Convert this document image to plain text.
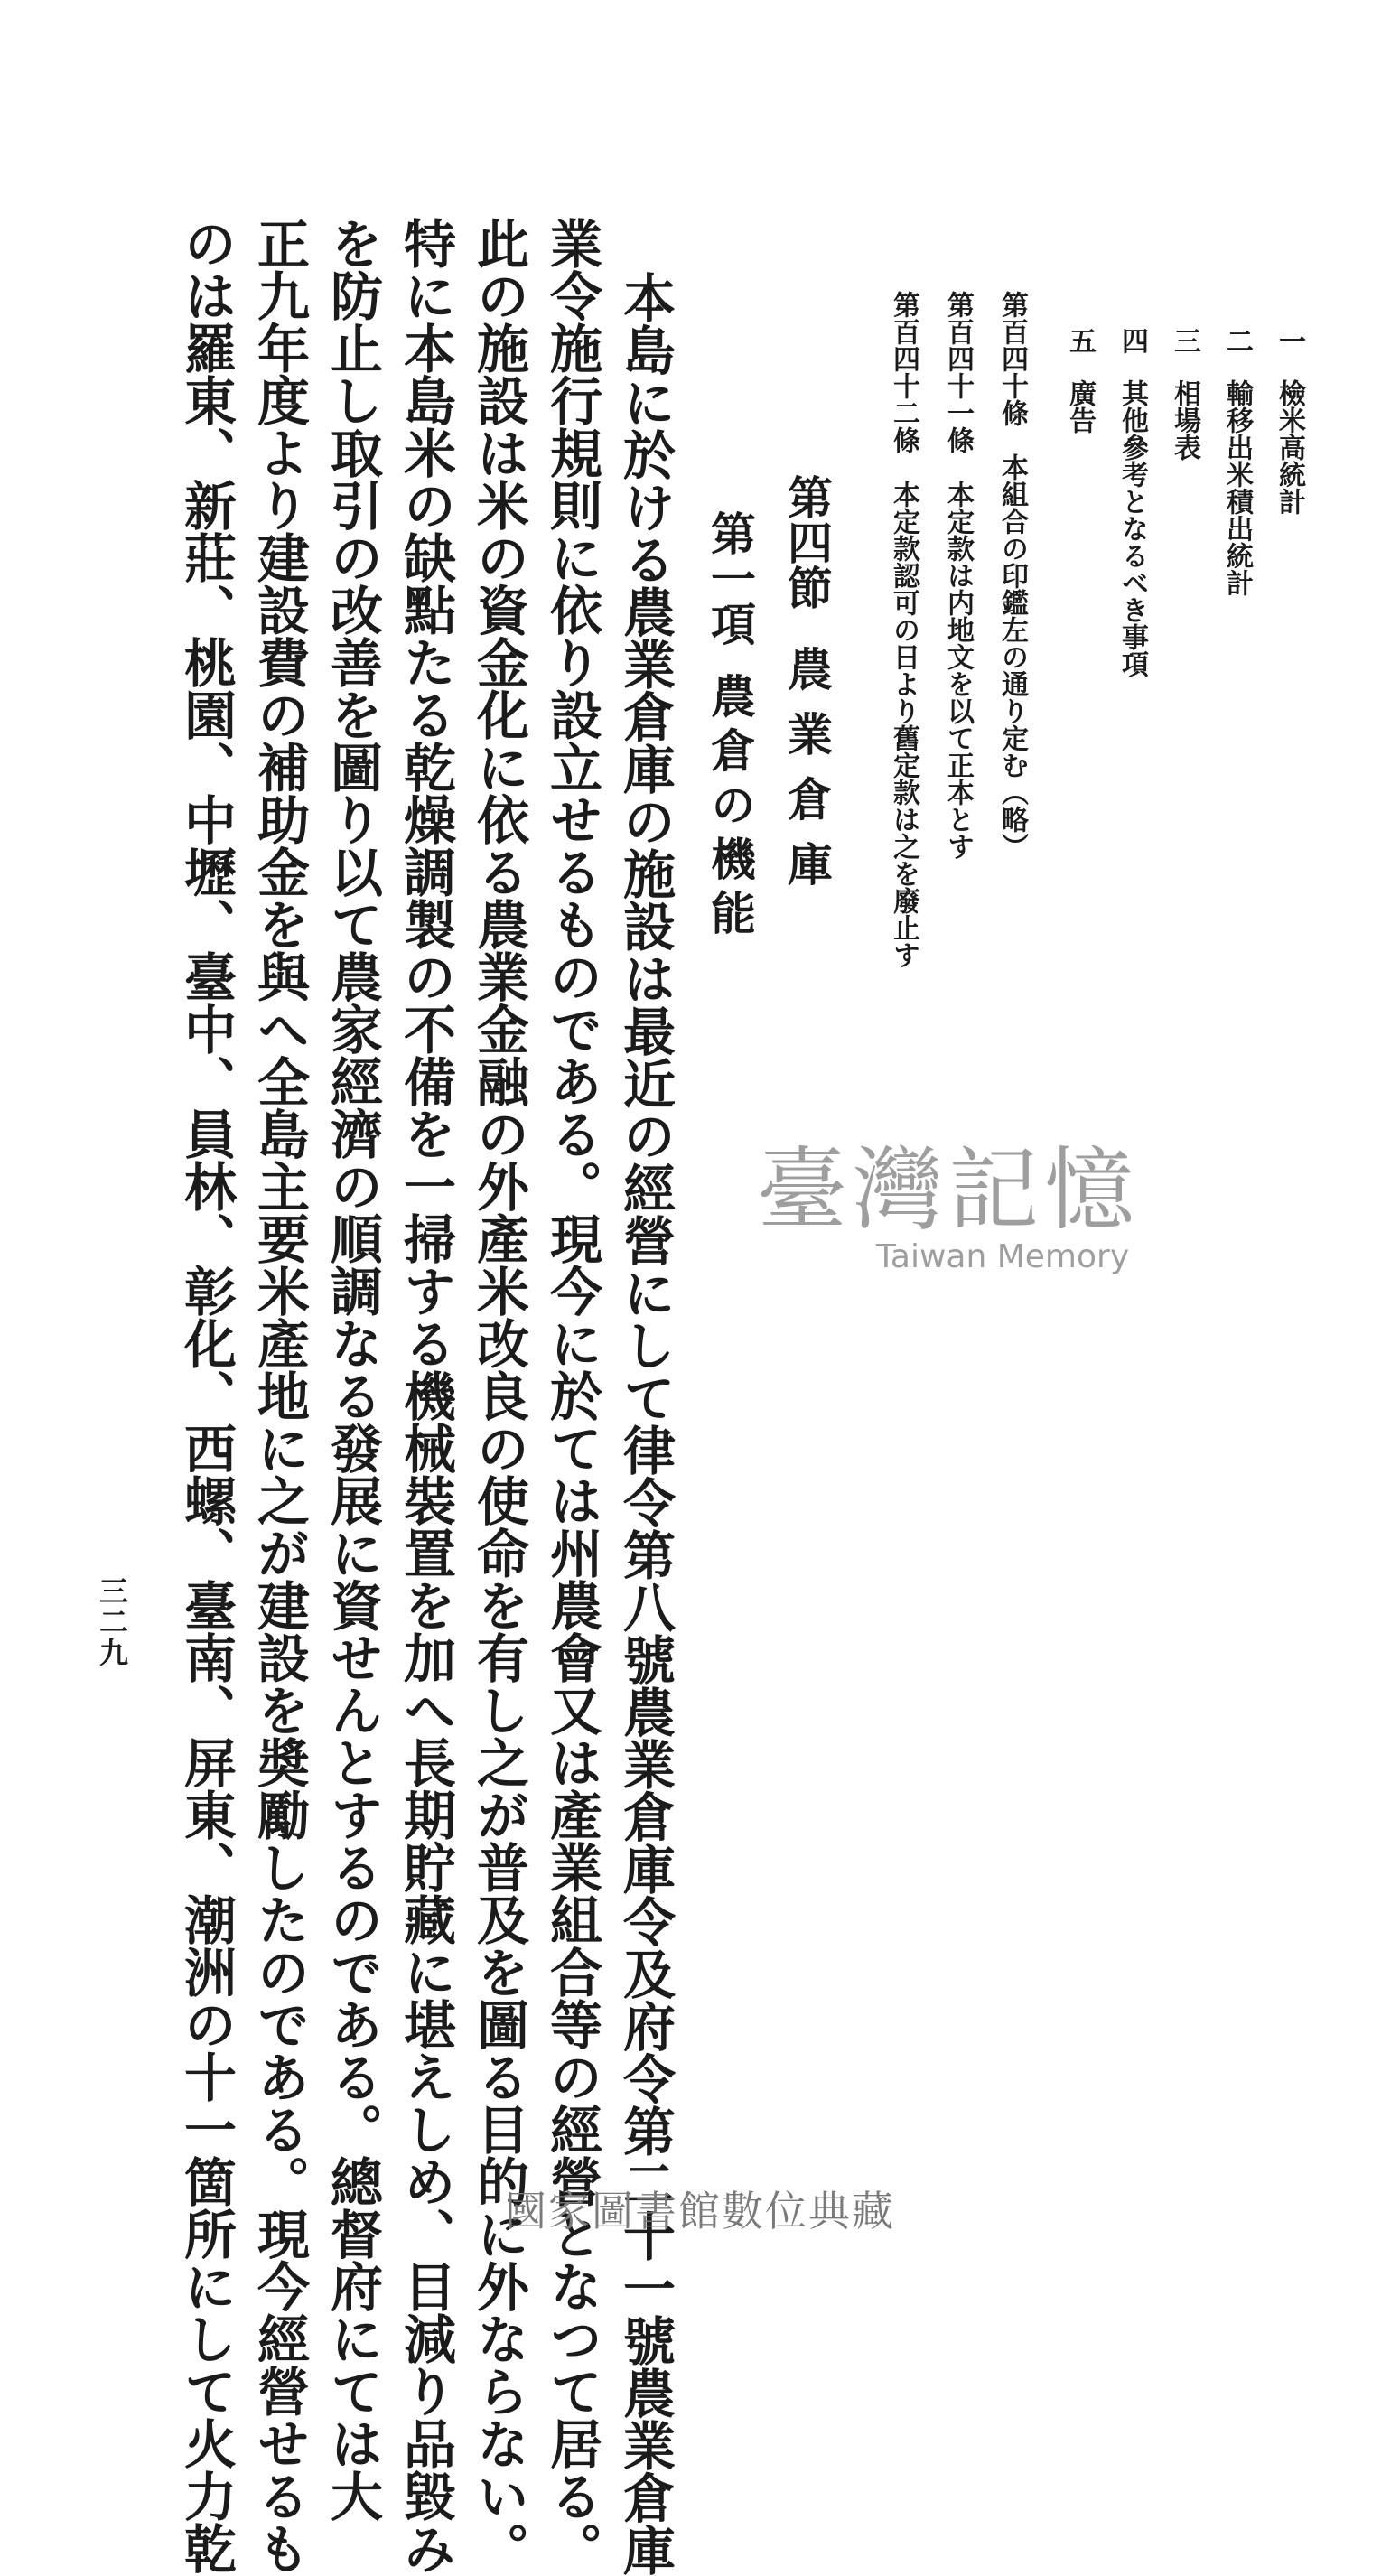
一檢米高統計
二輸移出米積出統計
三相場表
四其他參考となるべき事項
五廣告
第百四十條本組合の印鑑左の通り定む（略）
第百四十一條本定款は内地文を以て正本とす
第百四十二條本定款認可の日より舊定款は之を廢止す
第四節農業倉庫
第一項農倉の機能
本島に於ける農業倉庫の施設は最近の經營にして律令第八號農業倉庫令及府令第二十一號農業倉庫
業令施行規則に依り設立せるものである。現今に於ては州農會又は產業組合等の經營となつて居る。
此の施設は米の資金化に依る農業金融の外產米改良の使命を有し之が普及を圖る目的に外ならない。
特に本島米の缺點たる乾燥調製の不備を一掃する機械裝置を加へ長期貯藏に堪えしめ、目減り品毀み
を防止し取引の改善を圖り以て農家經濟の順調なる發展に資せんとするのである。總督府にては大
正九年度より建設費の補助金を與へ全島主要米產地に之が建設を奬勵したのである。現今經營せるも
のは羅東、新莊、桃園、中壢、臺中、員林、彰化、西螺、臺南、屏東、潮洲の十一箇所にして火力乾
三二九
臺灣記憶
Taiwan Memory
國家圖書館數位典藏
